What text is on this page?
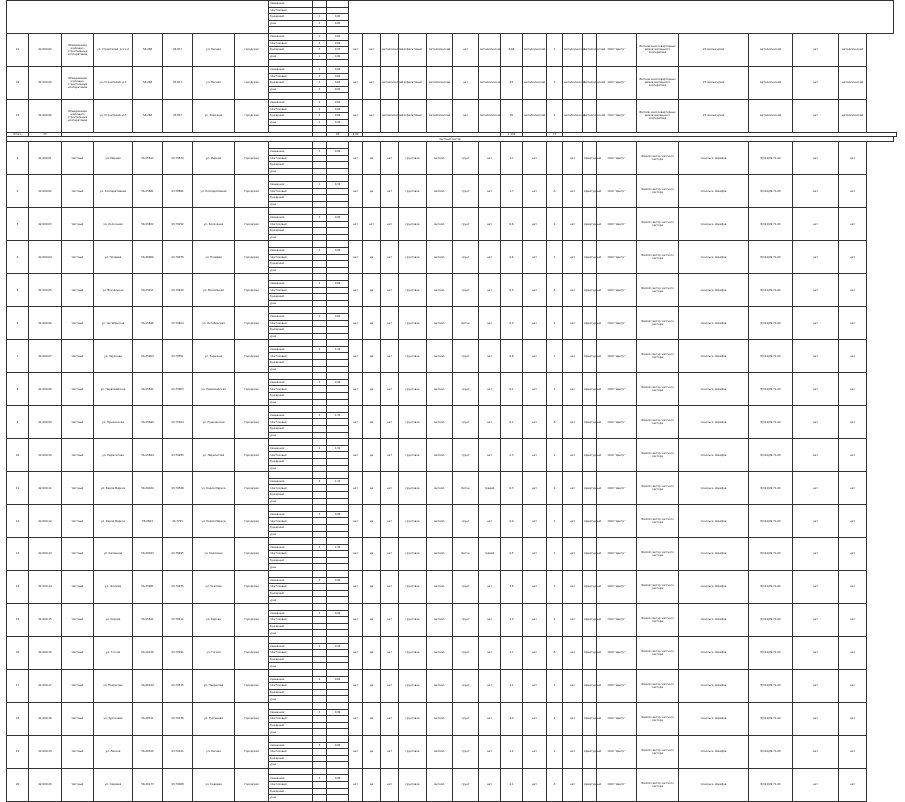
								смешанная																				
								пластиковый																				
								бункерный	0	0,00																		
								урна	1	0,00																		

21	42-000-00	Объединение жилищно-строительных кооперативов	ул. Строителей, д.1 к.2	56,268	43,817	ул. Лесная	городская	смешанная	1	0,66	нет	нет	металлический	асфальтовый	металлический	нет	металлический	0,66	металлический	1	металлический	металлический	ООО "Центр"	Жители многоквартирных домов жилищного кооператива	24 жилых дома	металлический	нет	металлический
								пластиковый	6	0,66																		
								бункерный	3	0,33																		
								урна	1	0,00																		

22	42-000-00	Объединение жилищно-строительных кооперативов	ул. Строителей, д.3	56,268	43,817	ул. Лесная	городская	смешанная	1	0,66	нет	нет	металлический	асфальтовый	металлический	нет	металлический	22	металлический	1	металлический	металлический	ООО "Центр"	Жители многоквартирных домов жилищного кооператива	24 жилых дома	металлический	нет	металлический
								пластиковый	2	0,66																		
								бункерный	3	0,66																		
								урна	1	0,00																		

23	42-000-00	Объединение жилищно-строительных кооперативов	ул. Строителей, д.5	56,268	43,817	ул. Заречная	городская	смешанная	1	0,66	нет	нет	металлический	асфальтовый	металлический	нет	металлический	20	металлический	1	металлический	металлический	ООО "Центр"	Жители многоквартирных домов жилищного кооператива	24 жилых дома	металлический	нет	металлический
								пластиковый	2	0,66																		
								бункерный	3	0,66																		
								урна	1	0,00																		

Итого	25									93	9,90							1 332		73								
Частный сектор																												
1	42-000-01	Частный	ул. Мирная	56,25612	43,79534	ул. Мирная	Городская				нет	да	нет	грунтовое	металл.	грунт	нет	1,7	нет		нет	Арматурный	ООО "Центр"	Жилой сектор частного сектора	Сокольск. Шкафов	8(314)99.71-00	нет	нет
								смешанная	3	0,99																		
								пластиковый																				
								бункерный																				
								урна																				
2	42-000-02	Частный	ул. Кооперативная	56,25681	43,78891	ул. Кооперативная	Городская				нет	да	нет	грунтовое	металл.	грунт	нет	1,7	нет	А	нет	Арматурный	ООО "Центр"	Жилой сектор частного сектора	Сокольск. Шкафов	8(314)99.71-00	нет	нет
								смешанная	1	0,33																		
								пластиковый																				
								бункерный																				
								урна																				
3	42-000-03	Частный	ул. Колхозная	56,25652	43,79292	ул. Колхозная	Городская				нет	нет	нет	грунтовое	металл.	грунт	нет	0,6	нет	1	нет	Арматурный	ООО "Центр"	Жилой сектор частного сектора	Сокольск. Шкафов	8(314)99.71-00	нет	нет
								смешанная	3	0,99																		
								пластиковый																				
								бункерный																				
								урна																				
4	42-000-04	Частный	ул. Полевая	56,26060	43,79976	ул. Полевая	Городская				нет	да	нет	грунтовое	металл.	грунт	нет	0,6	нет	1	нет	Арматурный	ООО "Центр"	Жилой сектор частного сектора	Сокольск. Шкафов	8(314)99.71-00	нет	нет
								смешанная	3	0,99																		
								пластиковый																				
								бункерный																				
								урна																				
5	42-000-05	Частный	ул. Вокзальная	56,25911	43,79220	ул. Вокзальная	Городская				нет	да	нет	грунтовое	металл.	грунт	нет	0,5	нет	А	нет	Арматурный	ООО "Центр"	Жилой сектор частного сектора	Сокольск. Шкафов	8(314)99.71-00	нет	нет
								смешанная	2	0,66																		
								пластиковый																				
								бункерный																				
								урна																				
6	42-000-06	Частный	ул. Октябрьская	56,25846	43,79404	ул. Октябрьская	Городская				нет	да	нет	грунтовое	металл.	бетон	нет	0,4	нет	1	нет	Арматурный	ООО "Центр"	Жилой сектор частного сектора	Сокольск. Шкафов	8(314)99.71-00	нет	нет
								смешанная	2	0,66																		
								пластиковый																				
								бункерный																				
								урна																				
7	42-000-07	Частный	ул. Заречная	56,25903	43,79551	ул. Заречная	Городская				нет	да	нет	грунтовое	металл.	грунт	нет	0,8	нет	1	нет	Арматурный	ООО "Центр"	Жилой сектор частного сектора	Сокольск. Шкафов	8(314)99.71-00	нет	нет
								смешанная	4	1,32																		
								пластиковый																				
								бункерный																				
								урна																				
8	42-000-08	Частный	ул. Первомайская	56,25841	43,79903	ул. Первомайская	Городская				нет	да	нет	грунтовое	металл.	грунт	нет	0,1	нет	1	нет	Арматурный	ООО "Центр"	Жилой сектор частного сектора	Сокольск. Шкафов	8(314)99.71-00	нет	нет
								смешанная	3	0,99																		
								пластиковый																				
								бункерный																				
								урна																				
9	42-000-09	Частный	ул. Пушкинская	56,25699	43,79164	ул. Пушкинская	Городская				нет	да	нет	грунтовое	металл.	грунт	нет	0,1	нет	А	нет	Арматурный	ООО "Центр"	Жилой сектор частного сектора	Сокольск. Шкафов	8(314)99.71-00	нет	нет
								смешанная	4	1,32																		
								пластиковый																				
								бункерный																				
								урна																				
10	42-000-10	Частный	ул. Лермонтова	56,25894	43,79283	ул. Лермонтова	Городская				нет	да	нет	грунтовое	металл.	грунт	нет	0,3	нет	1	нет	Арматурный	ООО "Центр"	Жилой сектор частного сектора	Сокольск. Шкафов	8(314)99.71-00	нет	нет
								смешанная	4	1,32																		
								пластиковый																				
								бункерный																				
								урна																				
11	42-000-11	Частный	ул. Карла Маркса	56,26024	43,79598	ул. Карла Маркса	Городская				нет	да	нет	грунтовое	металл.	бетон	гравий	0,3	нет	1	нет	Арматурный	ООО "Центр"	Жилой сектор частного сектора	Сокольск. Шкафов	8(314)99.71-00	нет	нет
								смешанная	4	1,32																		
								пластиковый																				
								бункерный																				
								урна																				
12	42-000-12	Частный	ул. Карла Маркса	56,2604	43,7795	ул. Карла Маркса	Городская				нет	да	нет	грунтовое	металл.	грунт	нет	0,4	нет	1	нет	Арматурный	ООО "Центр"	Жилой сектор частного сектора	Сокольск. Шкафов	8(314)99.71-00	нет	нет
								смешанная	3	0,99																		
								пластиковый																				
								бункерный																				
								урна																				
13	42-000-13	Частный	ул. Калинина	56,26043	43,78495	ул. Калинина	Городская				нет	да	нет	грунтовое	металл.	бетон	гравий	0,5	нет	1	нет	Арматурный	ООО "Центр"	Жилой сектор частного сектора	Сокольск. Шкафов	8(314)99.71-00	нет	нет
								смешанная	4	1,32																		
								пластиковый																				
								бункерный																				
								урна																				
14	42-000-14	Частный	ул. Чкалова	56,25981	43,79035	ул. Чкалова	Городская				нет	да	нет	грунтовое	металл.	грунт	нет	2,6	нет	1	нет	Арматурный	ООО "Центр"	Жилой сектор частного сектора	Сокольск. Шкафов	8(314)99.71-00	нет	нет
								смешанная	3	0,99																		
								пластиковый																				
								бункерный																				
								урна																				
15	42-000-15	Частный	ул. Кирова	56,25611	43,78411	ул. Кирова	Городская				нет	да	нет	грунтовое	металл.	грунт	нет	2,4	нет	1	нет	Арматурный	ООО "Центр"	Жилой сектор частного сектора	Сокольск. Шкафов	8(314)99.71-00	нет	нет
								смешанная	3	0,99																		
								пластиковый																				
								бункерный																				
								урна																				
16	42-000-16	Частный	ул. Гоголя	56,26126	43,79291	ул. Гоголя	Городская				нет	да	нет	грунтовое	металл.	грунт	нет	2,7	нет	А	нет	Арматурный	ООО "Центр"	Жилой сектор частного сектора	Сокольск. Шкафов	8(314)99.71-00	нет	нет
								смешанная	1	0,33																		
								пластиковый																				
								бункерный																				
								урна																				
17	42-000-17	Частный	ул. Некрасова	56,26244	43,79415	ул. Некрасова	Городская				нет	да	нет	грунтовое	металл.	грунт	нет	2,1	нет	1	нет	Арматурный	ООО "Центр"	Жилой сектор частного сектора	Сокольск. Шкафов	8(314)99.71-00	нет	нет
								смешанная	2	0,66																		
								пластиковый																				
								бункерный																				
								урна																				
18	42-000-18	Частный	ул. Тургенева	56,26311	43,79336	ул. Тургенева	Городская				нет	да	нет	грунтовое	металл.	грунт	нет	4,0	нет	1	нет	Арматурный	ООО "Центр"	Жилой сектор частного сектора	Сокольск. Шкафов	8(314)99.71-00	нет	нет
								смешанная	3	0,99																		
								пластиковый																				
								бункерный																				
								урна																				
19	42-000-19	Частный	ул. Лесная	56,26320	43,79121	ул. Лесная	Городская				нет	да	нет	грунтовое	металл.	грунт	нет	2,2	нет	1	нет	Арматурный	ООО "Центр"	Жилой сектор частного сектора	Сокольск. Шкафов	8(314)99.71-00	нет	нет
								смешанная	3	0,99																		
								пластиковый																				
								бункерный																				
								урна																				
20	42-000-20	Частный	ул. Садовая	56,26173	43,79008	ул. Садовая	Городская				нет	да	нет	грунтовое	металл.	грунт	нет	2,1	нет	А	нет	Арматурный	ООО "Центр"	Жилой сектор частного сектора	Сокольск. Шкафов	8(314)99.71-00	нет	нет
								смешанная	3	0,99																		
								пластиковый																				
								бункерный																				
								урна																				
